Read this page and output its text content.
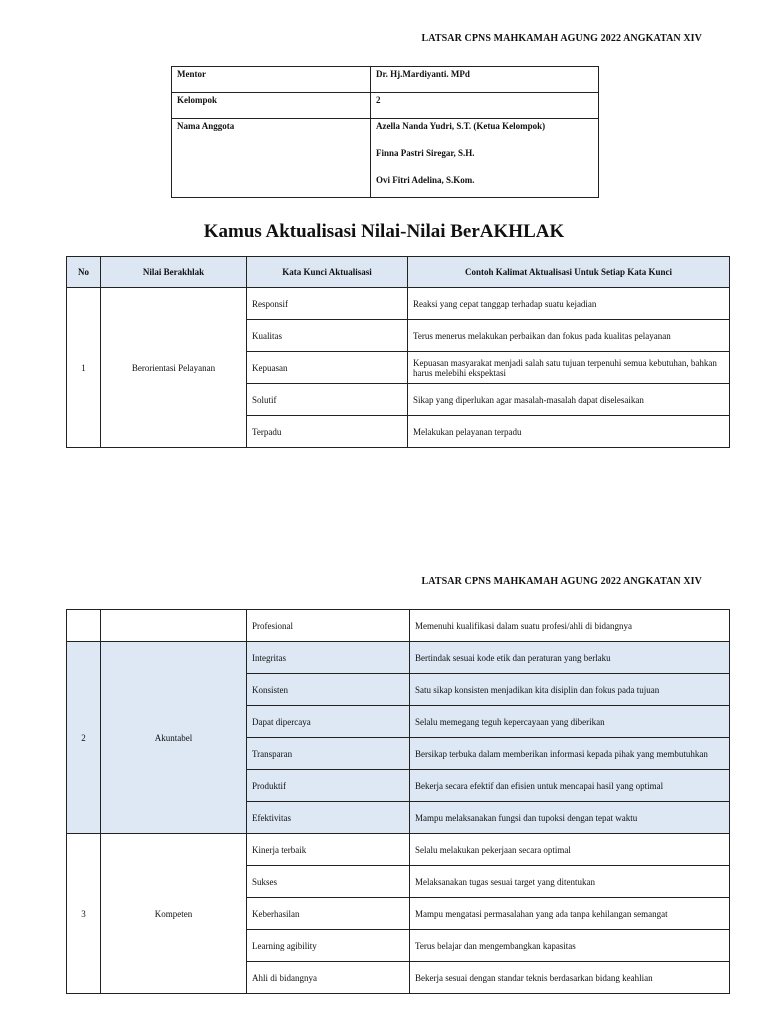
LATSAR CPNS MAHKAMAH AGUNG 2022 ANGKATAN XIV
Mentor	Dr. Hj.Mardiyanti. MPd
Kelompok	2
Nama Anggota	Azella Nanda Yudri, S.T. (Ketua Kelompok)
Finna Pastri Siregar, S.H.
Ovi Fitri Adelina, S.Kom.
Kamus Aktualisasi Nilai-Nilai BerAKHLAK
No	Nilai Berakhlak	Kata Kunci Aktualisasi	Contoh Kalimat Aktualisasi Untuk Setiap Kata Kunci
1	Berorientasi Pelayanan	Responsif	Reaksi yang cepat tanggap terhadap suatu kejadian
		Kualitas	Terus menerus melakukan perbaikan dan fokus pada kualitas pelayanan
		Kepuasan	Kepuasan masyarakat menjadi salah satu tujuan terpenuhi semua kebutuhan, bahkan harus melebihi ekspektasi
		Solutif	Sikap yang diperlukan agar masalah-masalah dapat diselesaikan
		Terpadu	Melakukan pelayanan terpadu
LATSAR CPNS MAHKAMAH AGUNG 2022 ANGKATAN XIV
		Profesional	Memenuhi kualifikasi dalam suatu profesi/ahli di bidangnya
2	Akuntabel	Integritas	Bertindak sesuai kode etik dan peraturan yang berlaku
		Konsisten	Satu sikap konsisten menjadikan kita disiplin dan fokus pada tujuan
		Dapat dipercaya	Selalu memegang teguh kepercayaan yang diberikan
		Transparan	Bersikap terbuka dalam memberikan informasi kepada pihak yang membutuhkan
		Produktif	Bekerja secara efektif dan efisien untuk mencapai hasil yang optimal
		Efektivitas	Mampu melaksanakan fungsi dan tupoksi dengan tepat waktu
3	Kompeten	Kinerja terbaik	Selalu melakukan pekerjaan secara optimal
		Sukses	Melaksanakan tugas sesuai target yang ditentukan
		Keberhasilan	Mampu mengatasi permasalahan yang ada tanpa kehilangan semangat
		Learning agibility	Terus belajar dan mengembangkan kapasitas
		Ahli di bidangnya	Bekerja sesuai dengan standar teknis berdasarkan bidang keahlian
